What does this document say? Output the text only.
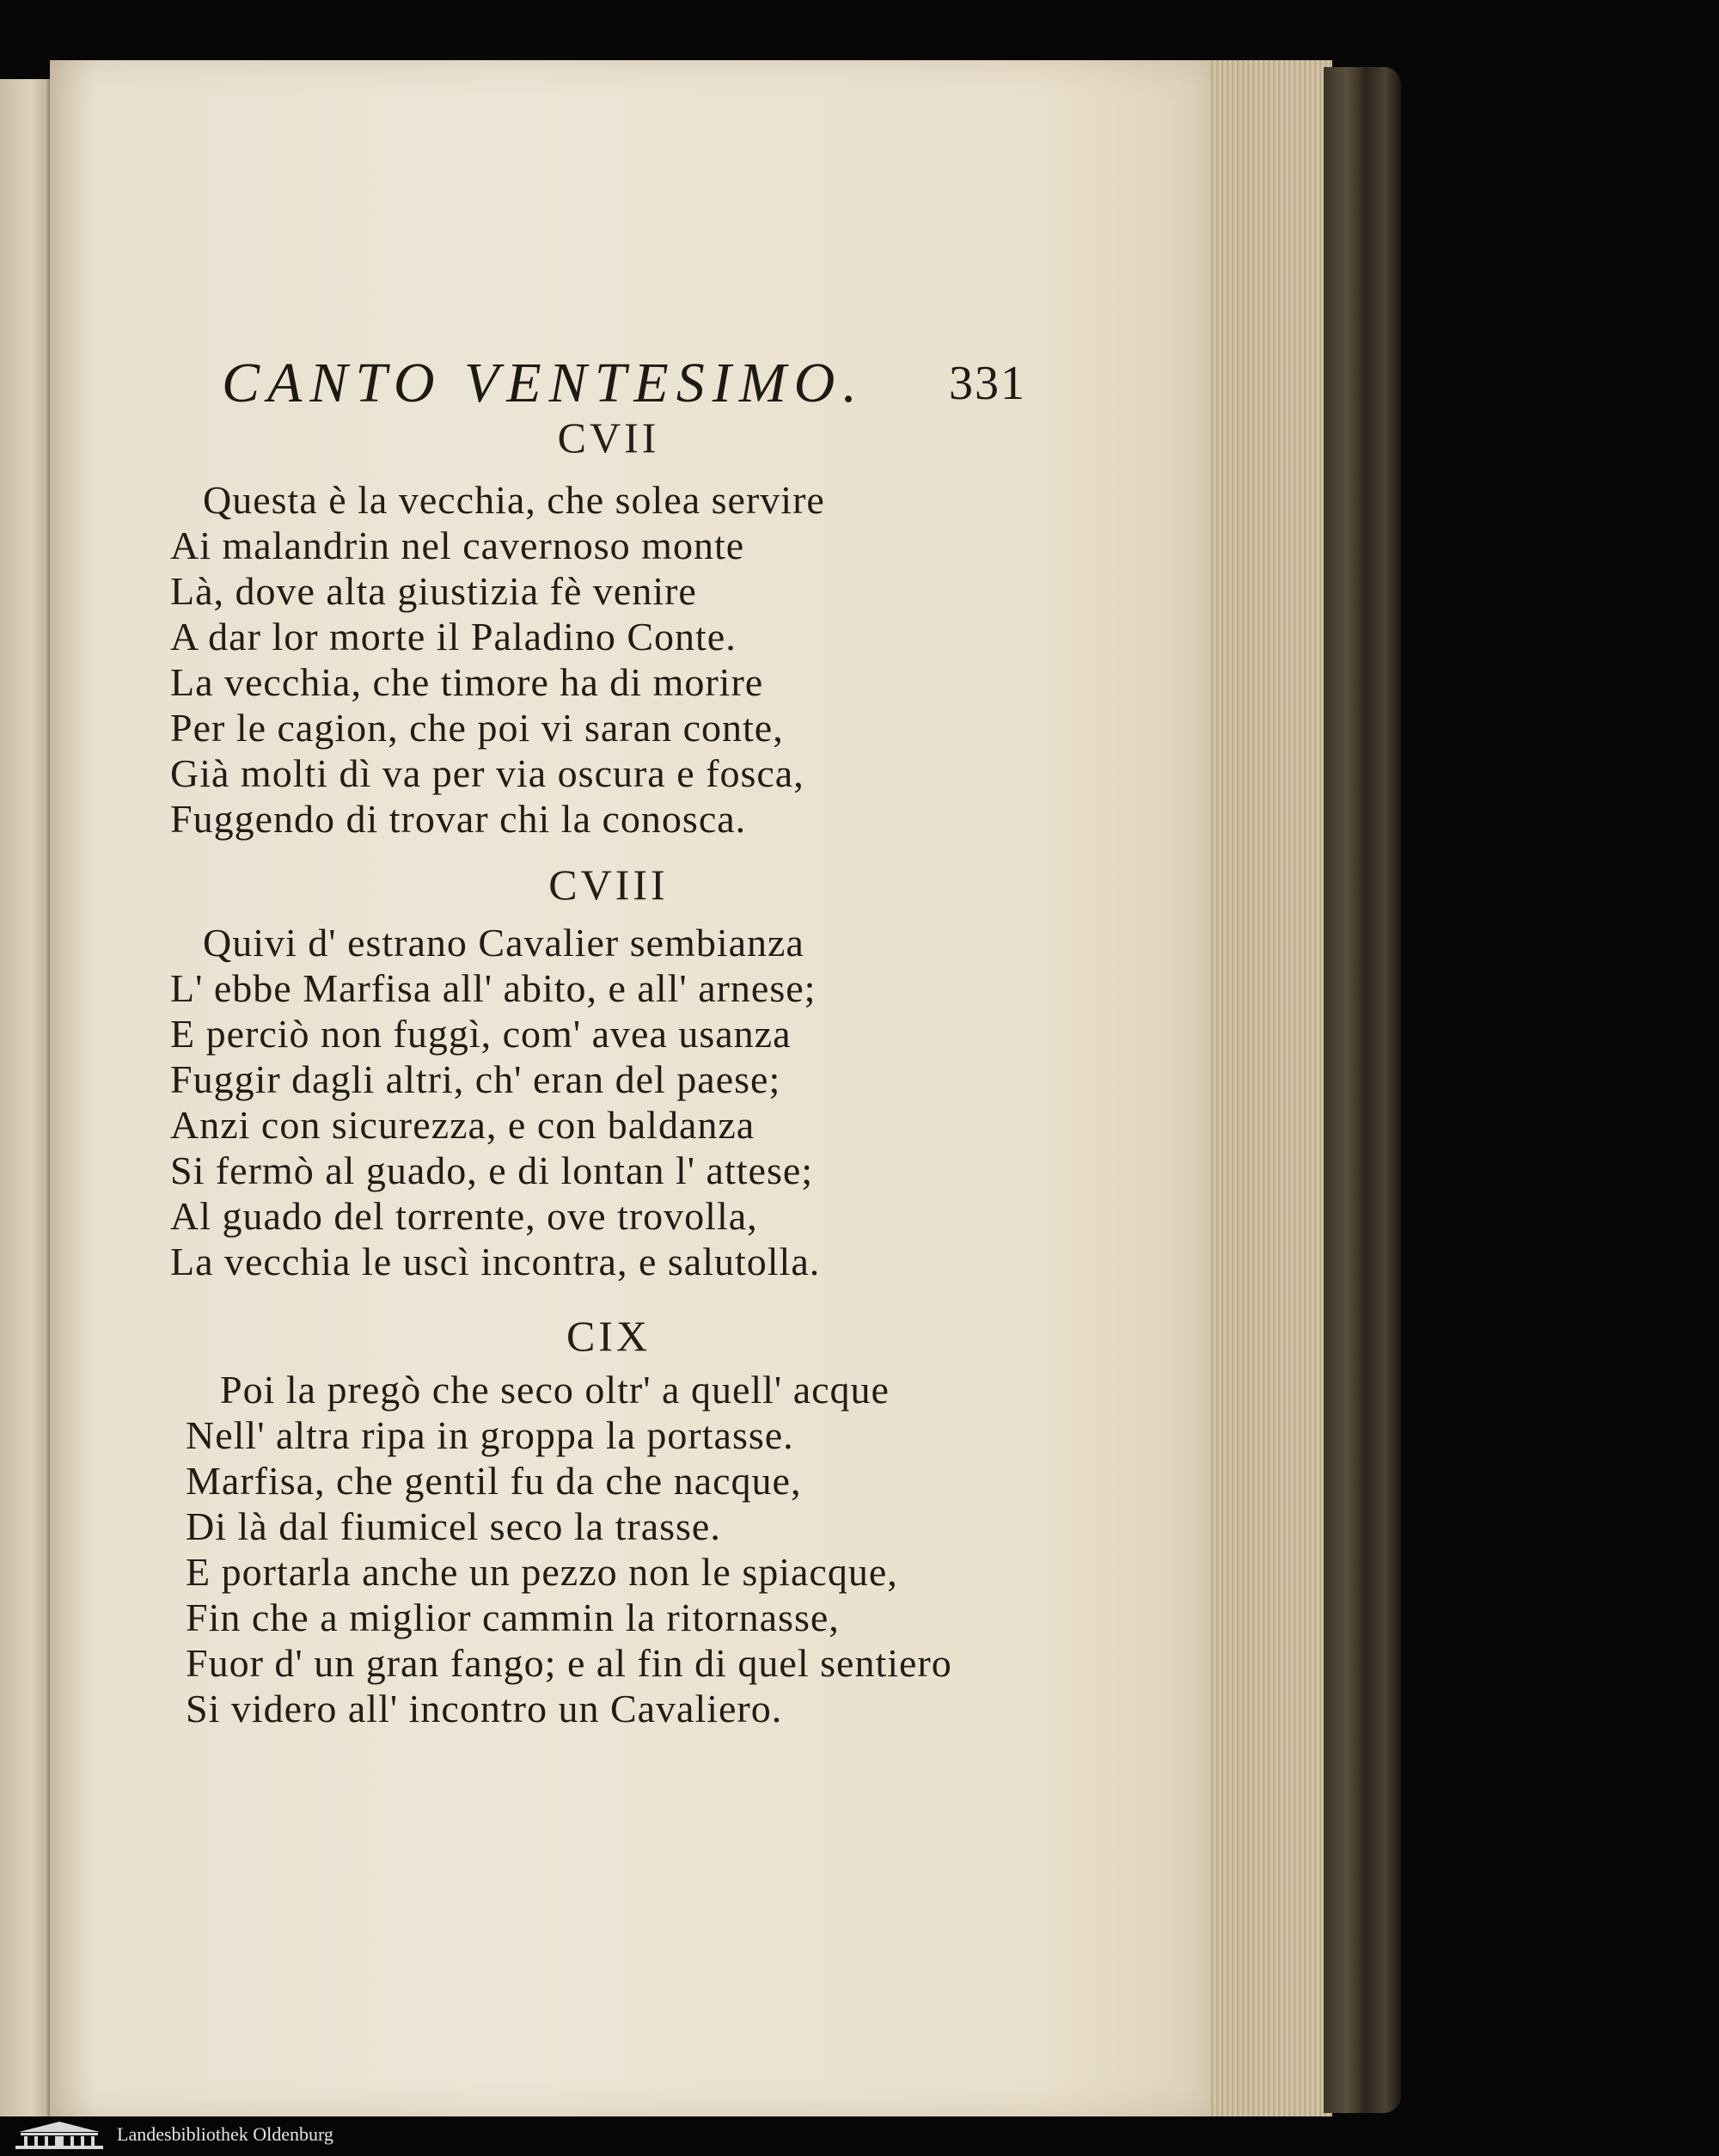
CANTO VENTESIMO. 331
CVII
Questa è la vecchia, che solea servire
Ai malandrin nel cavernoso monte
Là, dove alta giustizia fè venire
A dar lor morte il Paladino Conte.
La vecchia, che timore ha di morire
Per le cagion, che poi vi saran conte,
Già molti dì va per via oscura e fosca,
Fuggendo di trovar chi la conosca.
CVIII
Quivi d' estrano Cavalier sembianza
L' ebbe Marfisa all' abito, e all' arnese;
E perciò non fuggì, com' avea usanza
Fuggir dagli altri, ch' eran del paese;
Anzi con sicurezza, e con baldanza
Si fermò al guado, e di lontan l' attese;
Al guado del torrente, ove trovolla,
La vecchia le uscì incontra, e salutolla.
CIX
Poi la pregò che seco oltr' a quell' acque
Nell' altra ripa in groppa la portasse.
Marfisa, che gentil fu da che nacque,
Di là dal fiumicel seco la trasse.
E portarla anche un pezzo non le spiacque,
Fin che a miglior cammin la ritornasse,
Fuor d' un gran fango; e al fin di quel sentiero
Si videro all' incontro un Cavaliero.
Landesbibliothek Oldenburg
